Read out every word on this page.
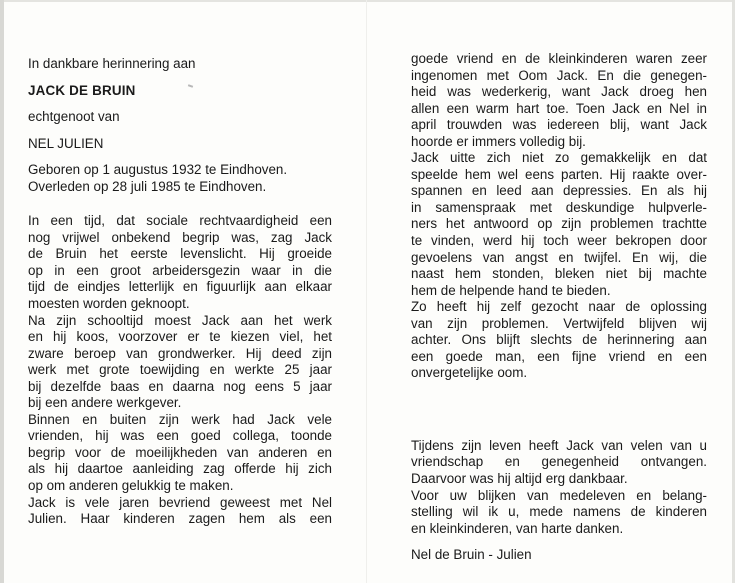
In dankbare herinnering aan
JACK DE BRUIN
echtgenoot van
NEL JULIEN
Geboren op 1 augustus 1932 te Eindhoven.
Overleden op 28 juli 1985 te Eindhoven.
In een tijd, dat sociale rechtvaardigheid een
nog vrijwel onbekend begrip was, zag Jack
de Bruin het eerste levenslicht. Hij groeide
op in een groot arbeidersgezin waar in die
tijd de eindjes letterlijk en figuurlijk aan elkaar
moesten worden geknoopt.
Na zijn schooltijd moest Jack aan het werk
en hij koos, voorzover er te kiezen viel, het
zware beroep van grondwerker. Hij deed zijn
werk met grote toewijding en werkte 25 jaar
bij dezelfde baas en daarna nog eens 5 jaar
bij een andere werkgever.
Binnen en buiten zijn werk had Jack vele
vrienden, hij was een goed collega, toonde
begrip voor de moeilijkheden van anderen en
als hij daartoe aanleiding zag offerde hij zich
op om anderen gelukkig te maken.
Jack is vele jaren bevriend geweest met Nel
Julien. Haar kinderen zagen hem als een
goede vriend en de kleinkinderen waren zeer
ingenomen met Oom Jack. En die genegen-
heid was wederkerig, want Jack droeg hen
allen een warm hart toe. Toen Jack en Nel in
april trouwden was iedereen blij, want Jack
hoorde er immers volledig bij.
Jack uitte zich niet zo gemakkelijk en dat
speelde hem wel eens parten. Hij raakte over-
spannen en leed aan depressies. En als hij
in samenspraak met deskundige hulpverle-
ners het antwoord op zijn problemen trachtte
te vinden, werd hij toch weer bekropen door
gevoelens van angst en twijfel. En wij, die
naast hem stonden, bleken niet bij machte
hem de helpende hand te bieden.
Zo heeft hij zelf gezocht naar de oplossing
van zijn problemen. Vertwijfeld blijven wij
achter. Ons blijft slechts de herinnering aan
een goede man, een fijne vriend en een
onvergetelijke oom.
Tijdens zijn leven heeft Jack van velen van u
vriendschap en genegenheid ontvangen.
Daarvoor was hij altijd erg dankbaar.
Voor uw blijken van medeleven en belang-
stelling wil ik u, mede namens de kinderen
en kleinkinderen, van harte danken.
Nel de Bruin - Julien
